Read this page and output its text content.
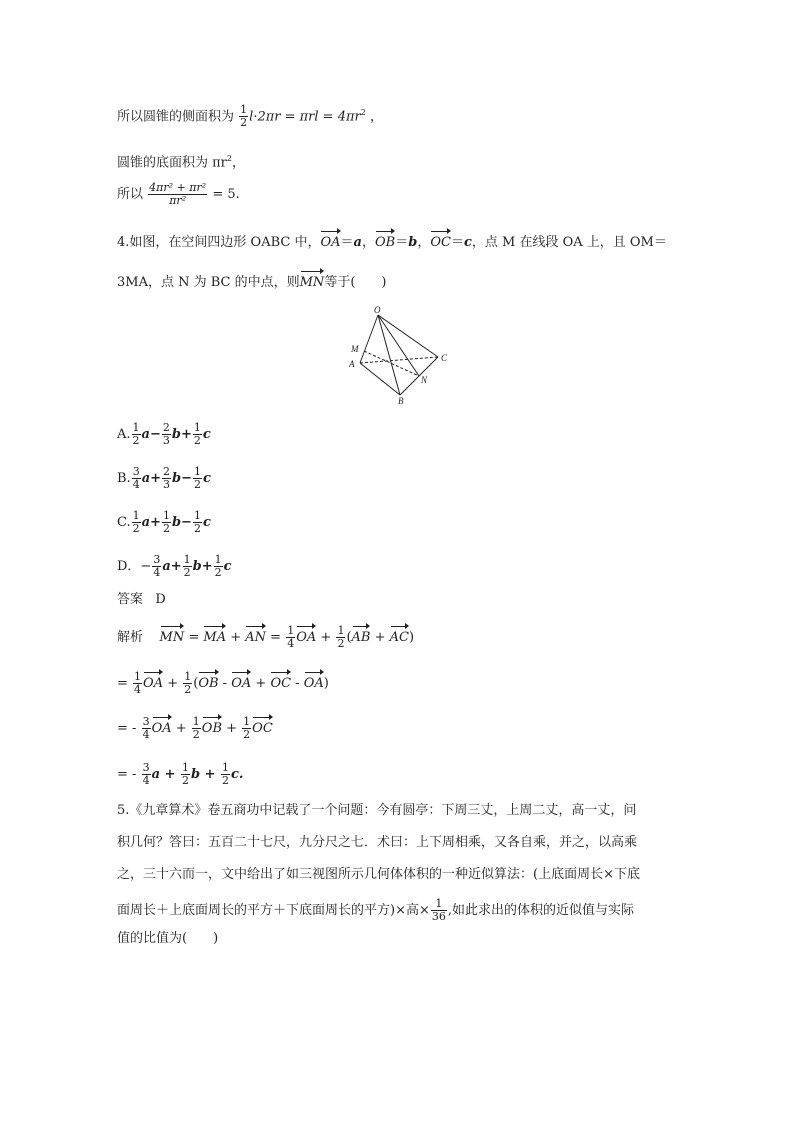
所以圆锥的侧面积为 $\frac{1}{2} l\cdot 2\pi r = \pi rl = 4\pi r^2$ ，
圆锥的底面积为 $\pi r^2$，
所以 $\frac{\text{4πr² + πr²}}{\text{πr²}} = 5$.
4.如图，在空间四边形 OABC 中，OA＝a，OB＝b，OC＝c，点 M 在线段 OA 上，且 OM＝
3MA，点 N 为 BC 的中点，则MN等于(　　)
O
M
A
C
N
B
A. $\frac{1}{2} a- \frac{2}{3} b+ \frac{1}{2}$ c
B. $\frac{3}{4} a+ \frac{2}{3} b- \frac{1}{2}$ c
C. $\frac{1}{2} a+ \frac{1}{2} b- \frac{1}{2}$ c
D．− $\frac{3}{4} a+ \frac{1}{2} b+ \frac{1}{2}$ c
答案 D
解析 MN = MA + AN = $\frac{1}{4}$ OA + $\frac{1}{2} (AB + AC)$
= $\frac{1}{4}$ OA + $\frac{1}{2} (OB$ - OA + OC - OA)
= - $\frac{3}{4}$ OA + $\frac{1}{2}$ OB + $\frac{1}{2}$ OC
= - $\frac{3}{4}$ $a + \frac{1}{2}$ $b + \frac{1}{2} c$.
5.《九章算术》卷五商功中记载了一个问题：今有圆亭：下周三丈，上周二丈，高一丈，问
积几何？答曰：五百二十七尺，九分尺之七．术曰：上下周相乘，又各自乘，并之，以高乘
之，三十六而一，文中给出了如三视图所示几何体体积的一种近似算法：(上底面周长×下底
面周长＋上底面周长的平方＋下底面周长的平方)×高× $\frac{1}{36}$ ,如此求出的体积的近似值与实际
值的比值为(　　)
